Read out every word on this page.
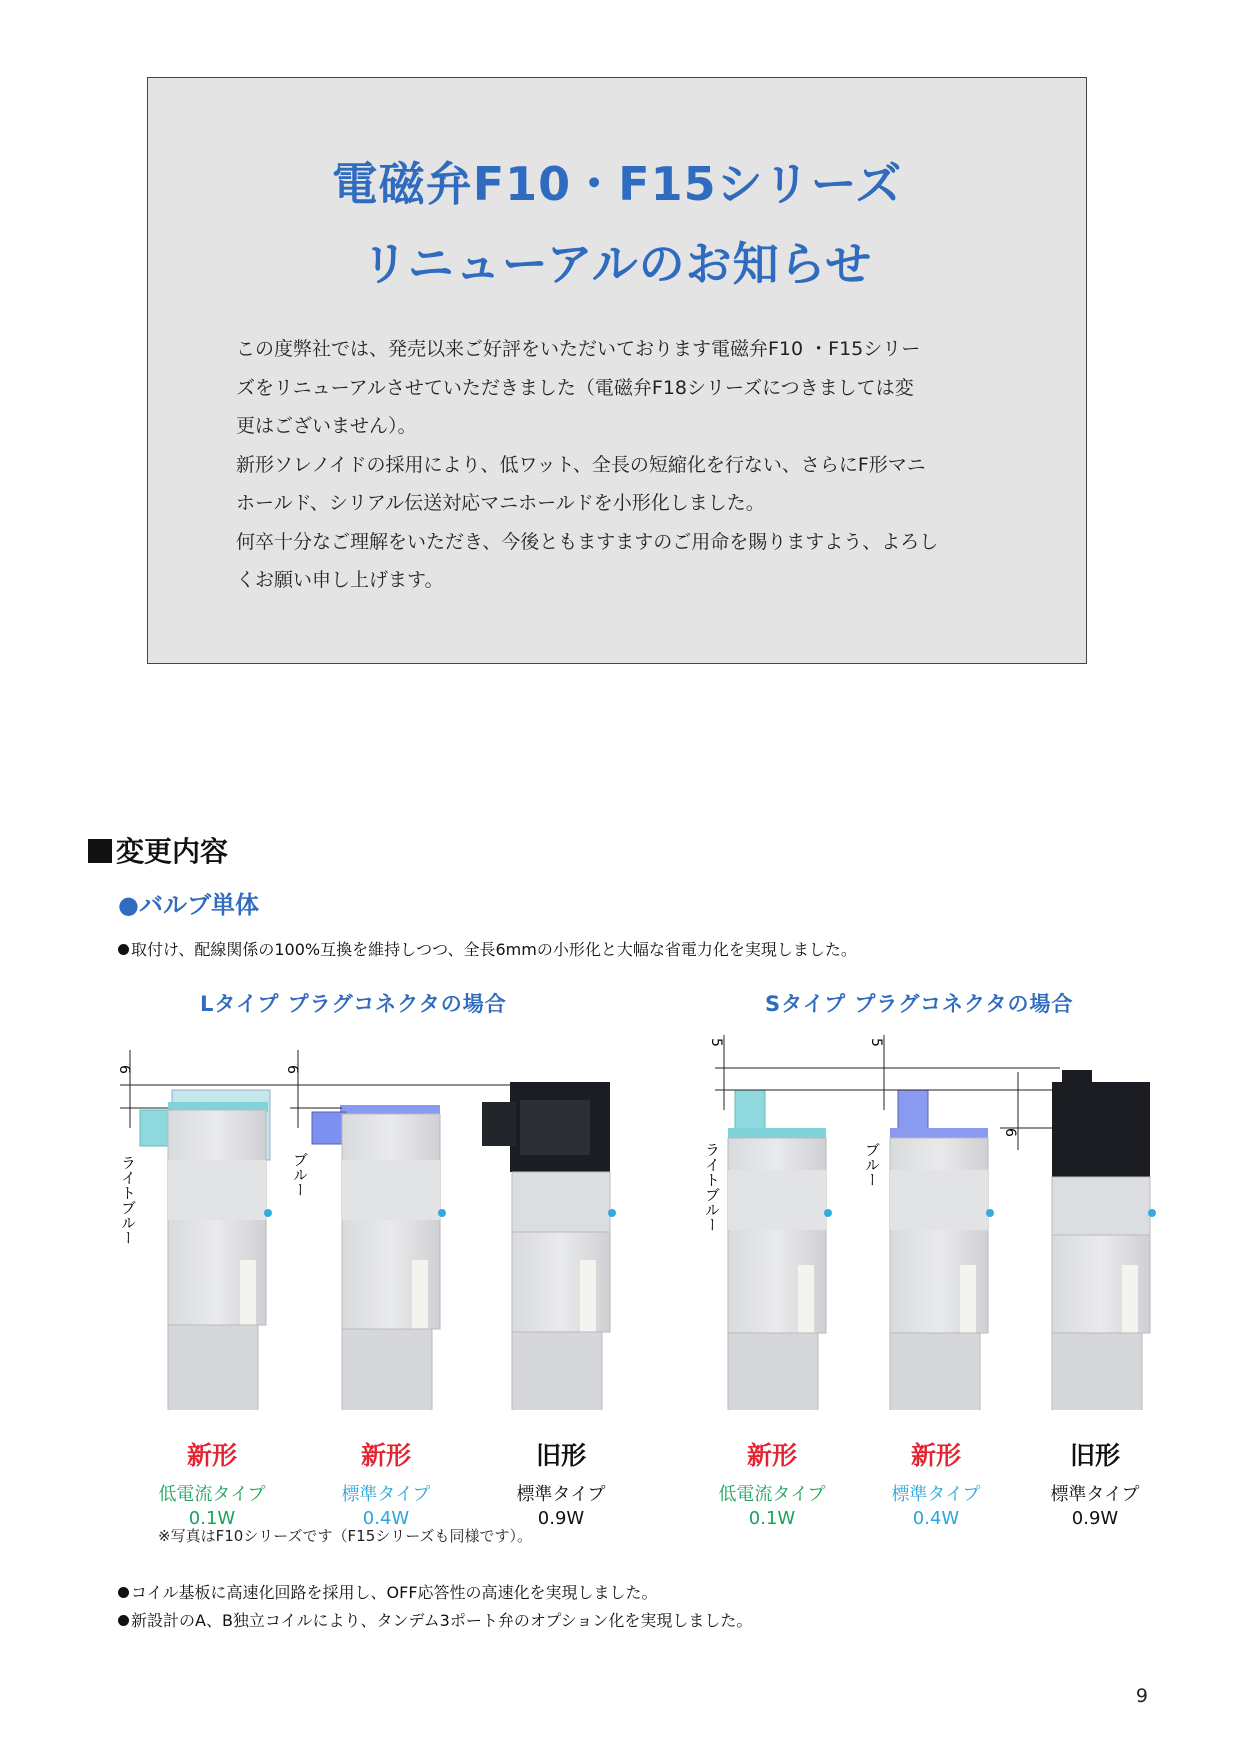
電磁弁F10・F15シリーズ
リニューアルのお知らせ

この度弊社では、発売以来ご好評をいただいております電磁弁F10 ・F15シリー

ズをリニューアルさせていただきました（電磁弁F18シリーズにつきましては変

更はございません）。

新形ソレノイドの採用により、低ワット、全長の短縮化を行ない、さらにF形マニ

ホールド、シリアル伝送対応マニホールドを小形化しました。

何卒十分なご理解をいただき、今後ともますますのご用命を賜りますよう、よろし

くお願い申し上げます。

変更内容
●バルブ単体
取付け、配線関係の100%互換を維持しつつ、全長6mmの小形化と大幅な省電力化を実現しました。
Lタイプ プラグコネクタの場合	Sタイプ プラグコネクタの場合
6	6
ライトブルー	ブルー
5	5
6
ライトブルー	ブルー
新形
低電流タイプ
0.1W
新形
標準タイプ
0.4W
旧形
標準タイプ
0.9W
新形
低電流タイプ
0.1W
新形
標準タイプ
0.4W
旧形
標準タイプ
0.9W
※写真はF10シリーズです（F15シリーズも同様です）。
コイル基板に高速化回路を採用し、OFF応答性の高速化を実現しました。
新設計のA、B独立コイルにより、タンデム3ポート弁のオプション化を実現しました。
9
